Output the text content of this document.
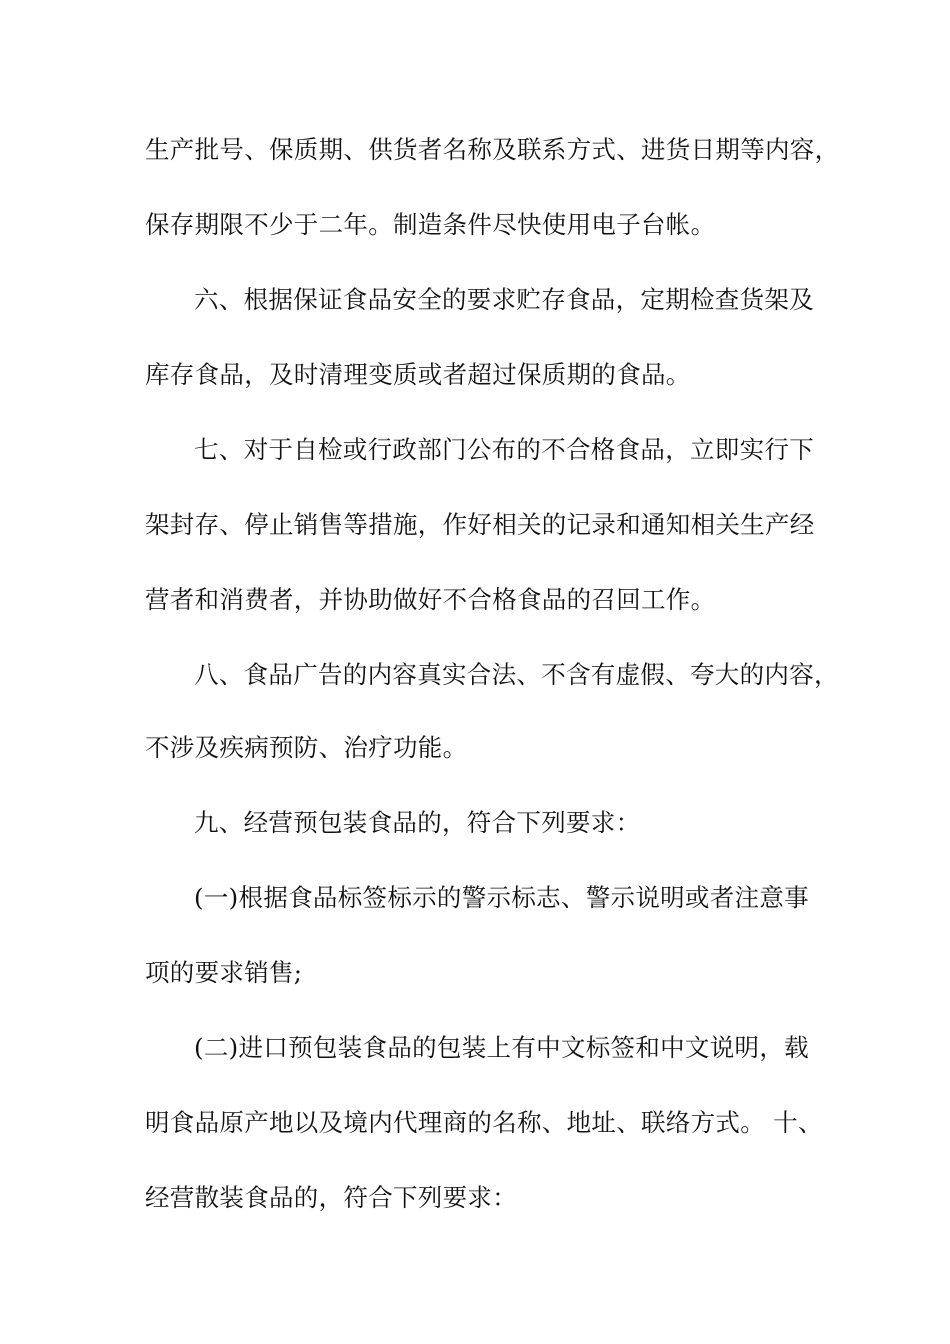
生产批号、保质期、供货者名称及联系方式、进货日期等内容，
保存期限不少于二年。制造条件尽快使用电子台帐。
六、根据保证食品安全的要求贮存食品，定期检查货架及
库存食品，及时清理变质或者超过保质期的食品。
七、对于自检或行政部门公布的不合格食品，立即实行下
架封存、停止销售等措施，作好相关的记录和通知相关生产经
营者和消费者，并协助做好不合格食品的召回工作。
八、食品广告的内容真实合法、不含有虚假、夸大的内容，
不涉及疾病预防、治疗功能。
九、经营预包装食品的，符合下列要求：
(一)根据食品标签标示的警示标志、警示说明或者注意事
项的要求销售;
(二)进口预包装食品的包装上有中文标签和中文说明，载
明食品原产地以及境内代理商的名称、地址、联络方式。 十、
经营散装食品的，符合下列要求：
